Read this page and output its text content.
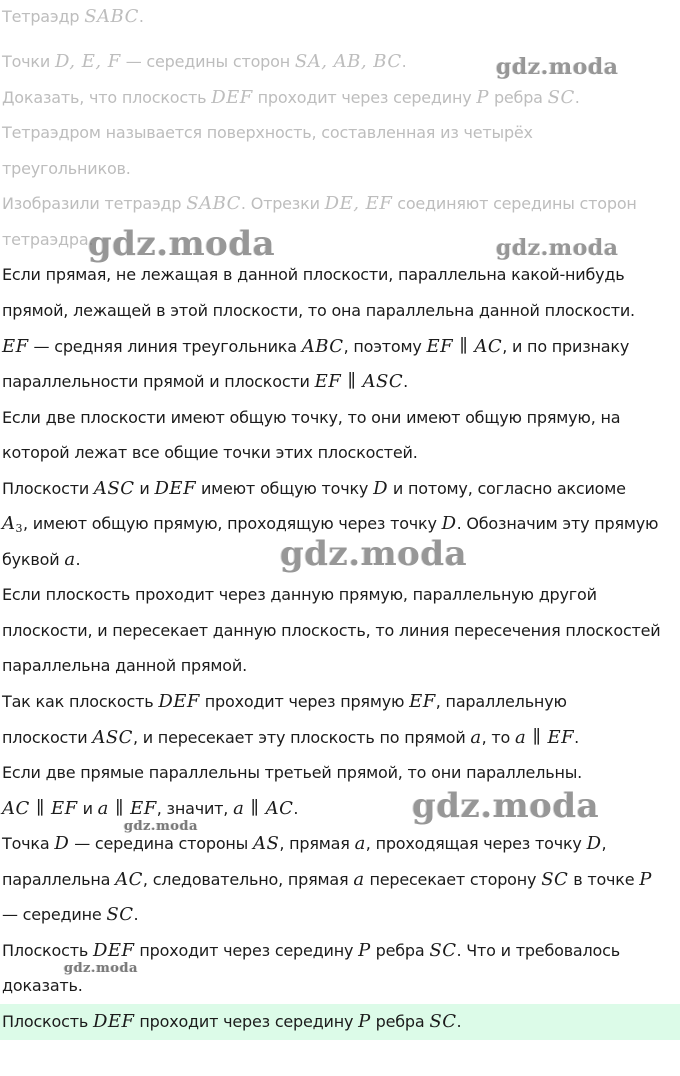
Тетраэдр SABC.
Точки D, E, F — середины сторон SA, AB, BC.
Доказать, что плоскость DEF проходит через середину P ребра SC.
Тетраэдром называется поверхность, составленная из четырёх
треугольников.
Изобразили тетраэдр SABC. Отрезки DE, EF соединяют середины сторон
тетраэдра.
Если прямая, не лежащая в данной плоскости, параллельна какой-нибудь
прямой, лежащей в этой плоскости, то она параллельна данной плоскости.
EF — средняя линия треугольника ABC, поэтому EF ∥ AC, и по признаку
параллельности прямой и плоскости EF ∥ ASC.
Если две плоскости имеют общую точку, то они имеют общую прямую, на
которой лежат все общие точки этих плоскостей.
Плоскости ASC и DEF имеют общую точку D и потому, согласно аксиоме
$A_3$, имеют общую прямую, проходящую через точку D. Обозначим эту прямую
буквой a.
Если плоскость проходит через данную прямую, параллельную другой
плоскости, и пересекает данную плоскость, то линия пересечения плоскостей
параллельна данной прямой.
Так как плоскость DEF проходит через прямую EF, параллельную
плоскости ASC, и пересекает эту плоскость по прямой a, то a ∥ EF.
Если две прямые параллельны третьей прямой, то они параллельны.
AC ∥ EF и a ∥ EF, значит, a ∥ AC.
Точка D — середина стороны AS, прямая a, проходящая через точку D,
параллельна AC, следовательно, прямая a пересекает сторону SC в точке P
— середине SC.
Плоскость DEF проходит через середину P ребра SC. Что и требовалось
доказать.
Плоскость DEF проходит через середину P ребра SC.
gdz.moda
gdz.moda	gdz.moda
gdz.moda
gdz.moda
gdz.moda
gdz.moda
